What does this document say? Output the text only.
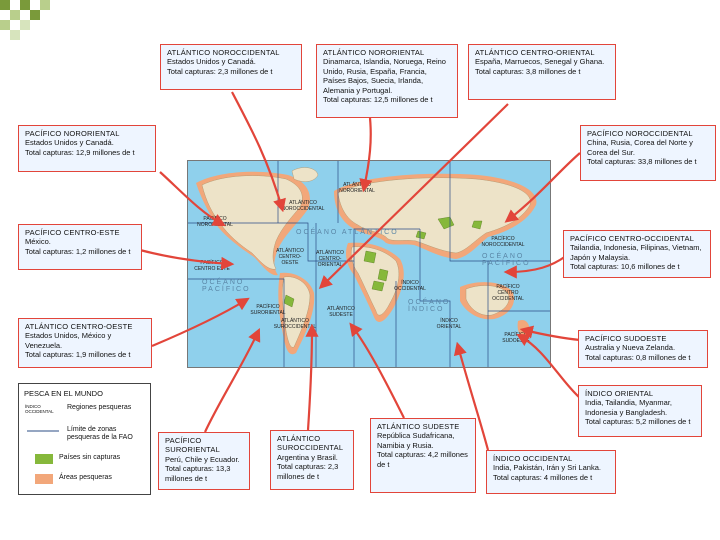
ATLÁNTICO NOROCCIDENTAL
ATLÁNTICO NORORIENTAL
PACÍFICO NORORIENTAL
PACÍFICO CENTRO ESTE
ATLÁNTICO CENTRO-OESTE
ATLÁNTICO CENTRO-ORIENTAL
PACÍFICO SURORIENTAL
ATLÁNTICO SUROCCIDENTAL
ATLÁNTICO SUDESTE
ÍNDICO OCCIDENTAL
ÍNDICO ORIENTAL
PACÍFICO NOROCCIDENTAL
PACÍFICO CENTRO OCCIDENTAL
PACÍFICO SUDOESTE
OCÉANO ATLÁNTICO
OCÉANO PACÍFICO
OCÉANO PACÍFICO
OCÉANO ÍNDICO
ATLÁNTICO NOROCCIDENTAL
Estados Unidos y Canadá.
Total capturas: 2,3 millones de t
ATLÁNTICO NORORIENTAL
Dinamarca, Islandia, Noruega, Reino Unido, Rusia, España, Francia, Países Bajos, Suecia, Irlanda, Alemania y Portugal.
Total capturas: 12,5 millones de t
ATLÁNTICO CENTRO-ORIENTAL
España, Marruecos, Senegal y Ghana.
Total capturas: 3,8 millones de t
PACÍFICO NORORIENTAL
Estados Unidos y Canadá.
Total capturas: 12,9 millones de t
PACÍFICO NOROCCIDENTAL
China, Rusia, Corea del Norte y Corea del Sur.
Total capturas: 33,8 millones de t
PACÍFICO CENTRO-ESTE
México.
Total capturas: 1,2 millones de t
PACÍFICO CENTRO-OCCIDENTAL
Tailandia, Indonesia, Filipinas, Vietnam, Japón y Malaysia.
Total capturas: 10,6 millones de t
ATLÁNTICO CENTRO-OESTE
Estados Unidos, México y Venezuela.
Total capturas: 1,9 millones de t
PACÍFICO SUDOESTE
Australia y Nueva Zelanda.
Total capturas: 0,8 millones de t
ÍNDICO ORIENTAL
India, Tailandia, Myanmar, Indonesia y Bangladesh.
Total capturas: 5,2 millones de t
PACÍFICO SURORIENTAL
Perú, Chile y Ecuador.
Total capturas: 13,3 millones de t
ATLÁNTICO SUROCCIDENTAL
Argentina y Brasil.
Total capturas: 2,3 millones de t
ATLÁNTICO SUDESTE
República Sudafricana, Namibia y Rusia.
Total capturas: 4,2 millones de t
ÍNDICO OCCIDENTAL
India, Pakistán, Irán y Sri Lanka.
Total capturas: 4 millones de t
PESCA EN EL MUNDO
ÍNDICO OCCIDENTAL
Regiones pesqueras
Límite de zonas pesqueras de la FAO
Países sin capturas
Áreas pesqueras
